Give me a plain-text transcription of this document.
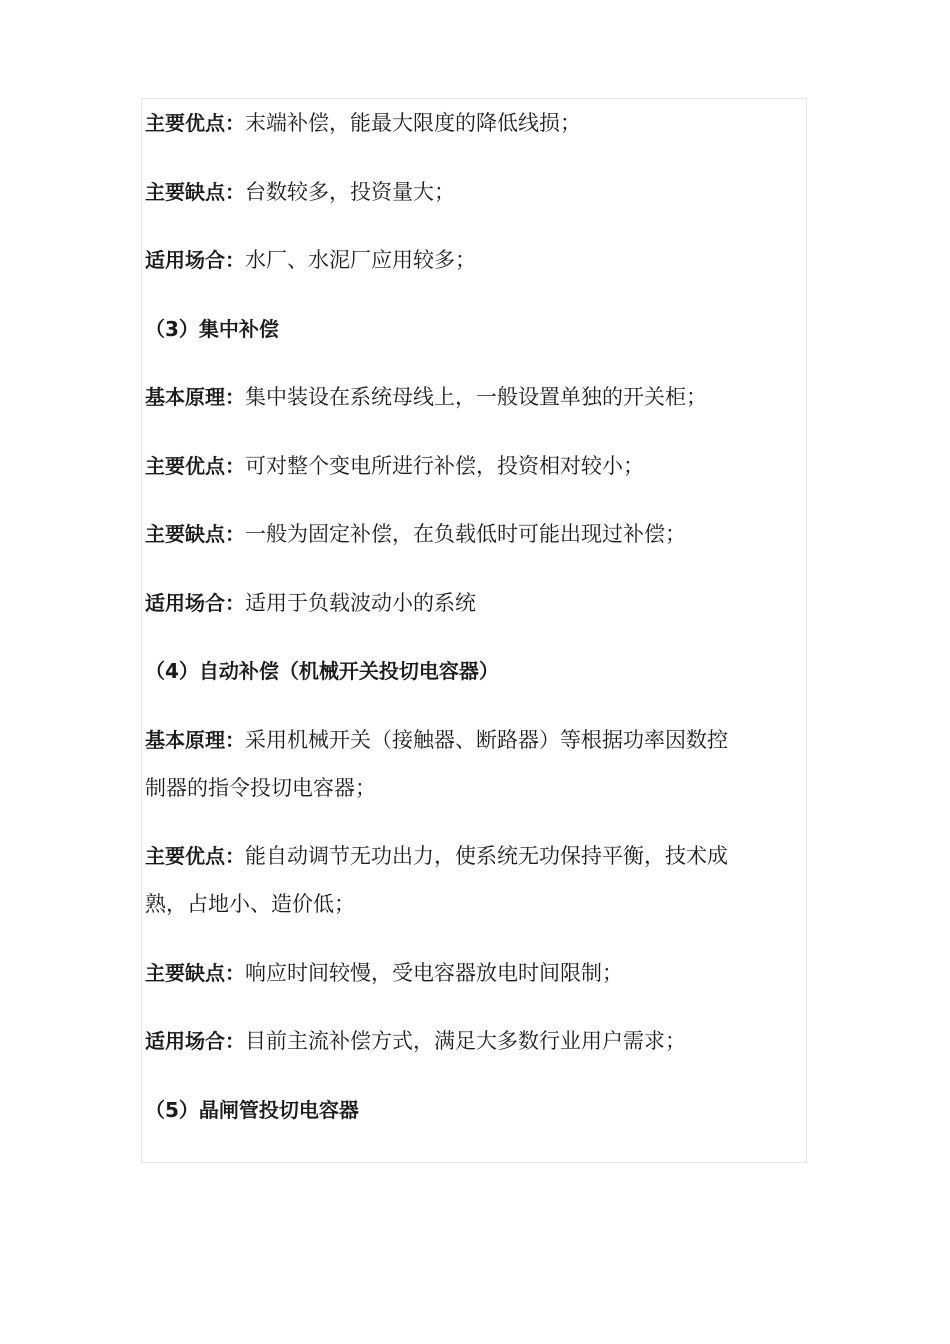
主要优点：末端补偿，能最大限度的降低线损；
主要缺点：台数较多，投资量大；
适用场合：水厂、水泥厂应用较多；
（3）集中补偿
基本原理：集中装设在系统母线上，一般设置单独的开关柜；
主要优点：可对整个变电所进行补偿，投资相对较小；
主要缺点：一般为固定补偿，在负载低时可能出现过补偿；
适用场合：适用于负载波动小的系统
（4）自动补偿（机械开关投切电容器）
基本原理：采用机械开关（接触器、断路器）等根据功率因数控
制器的指令投切电容器；
主要优点：能自动调节无功出力，使系统无功保持平衡，技术成
熟，占地小、造价低；
主要缺点：响应时间较慢，受电容器放电时间限制；
适用场合：目前主流补偿方式，满足大多数行业用户需求；
（5）晶闸管投切电容器
